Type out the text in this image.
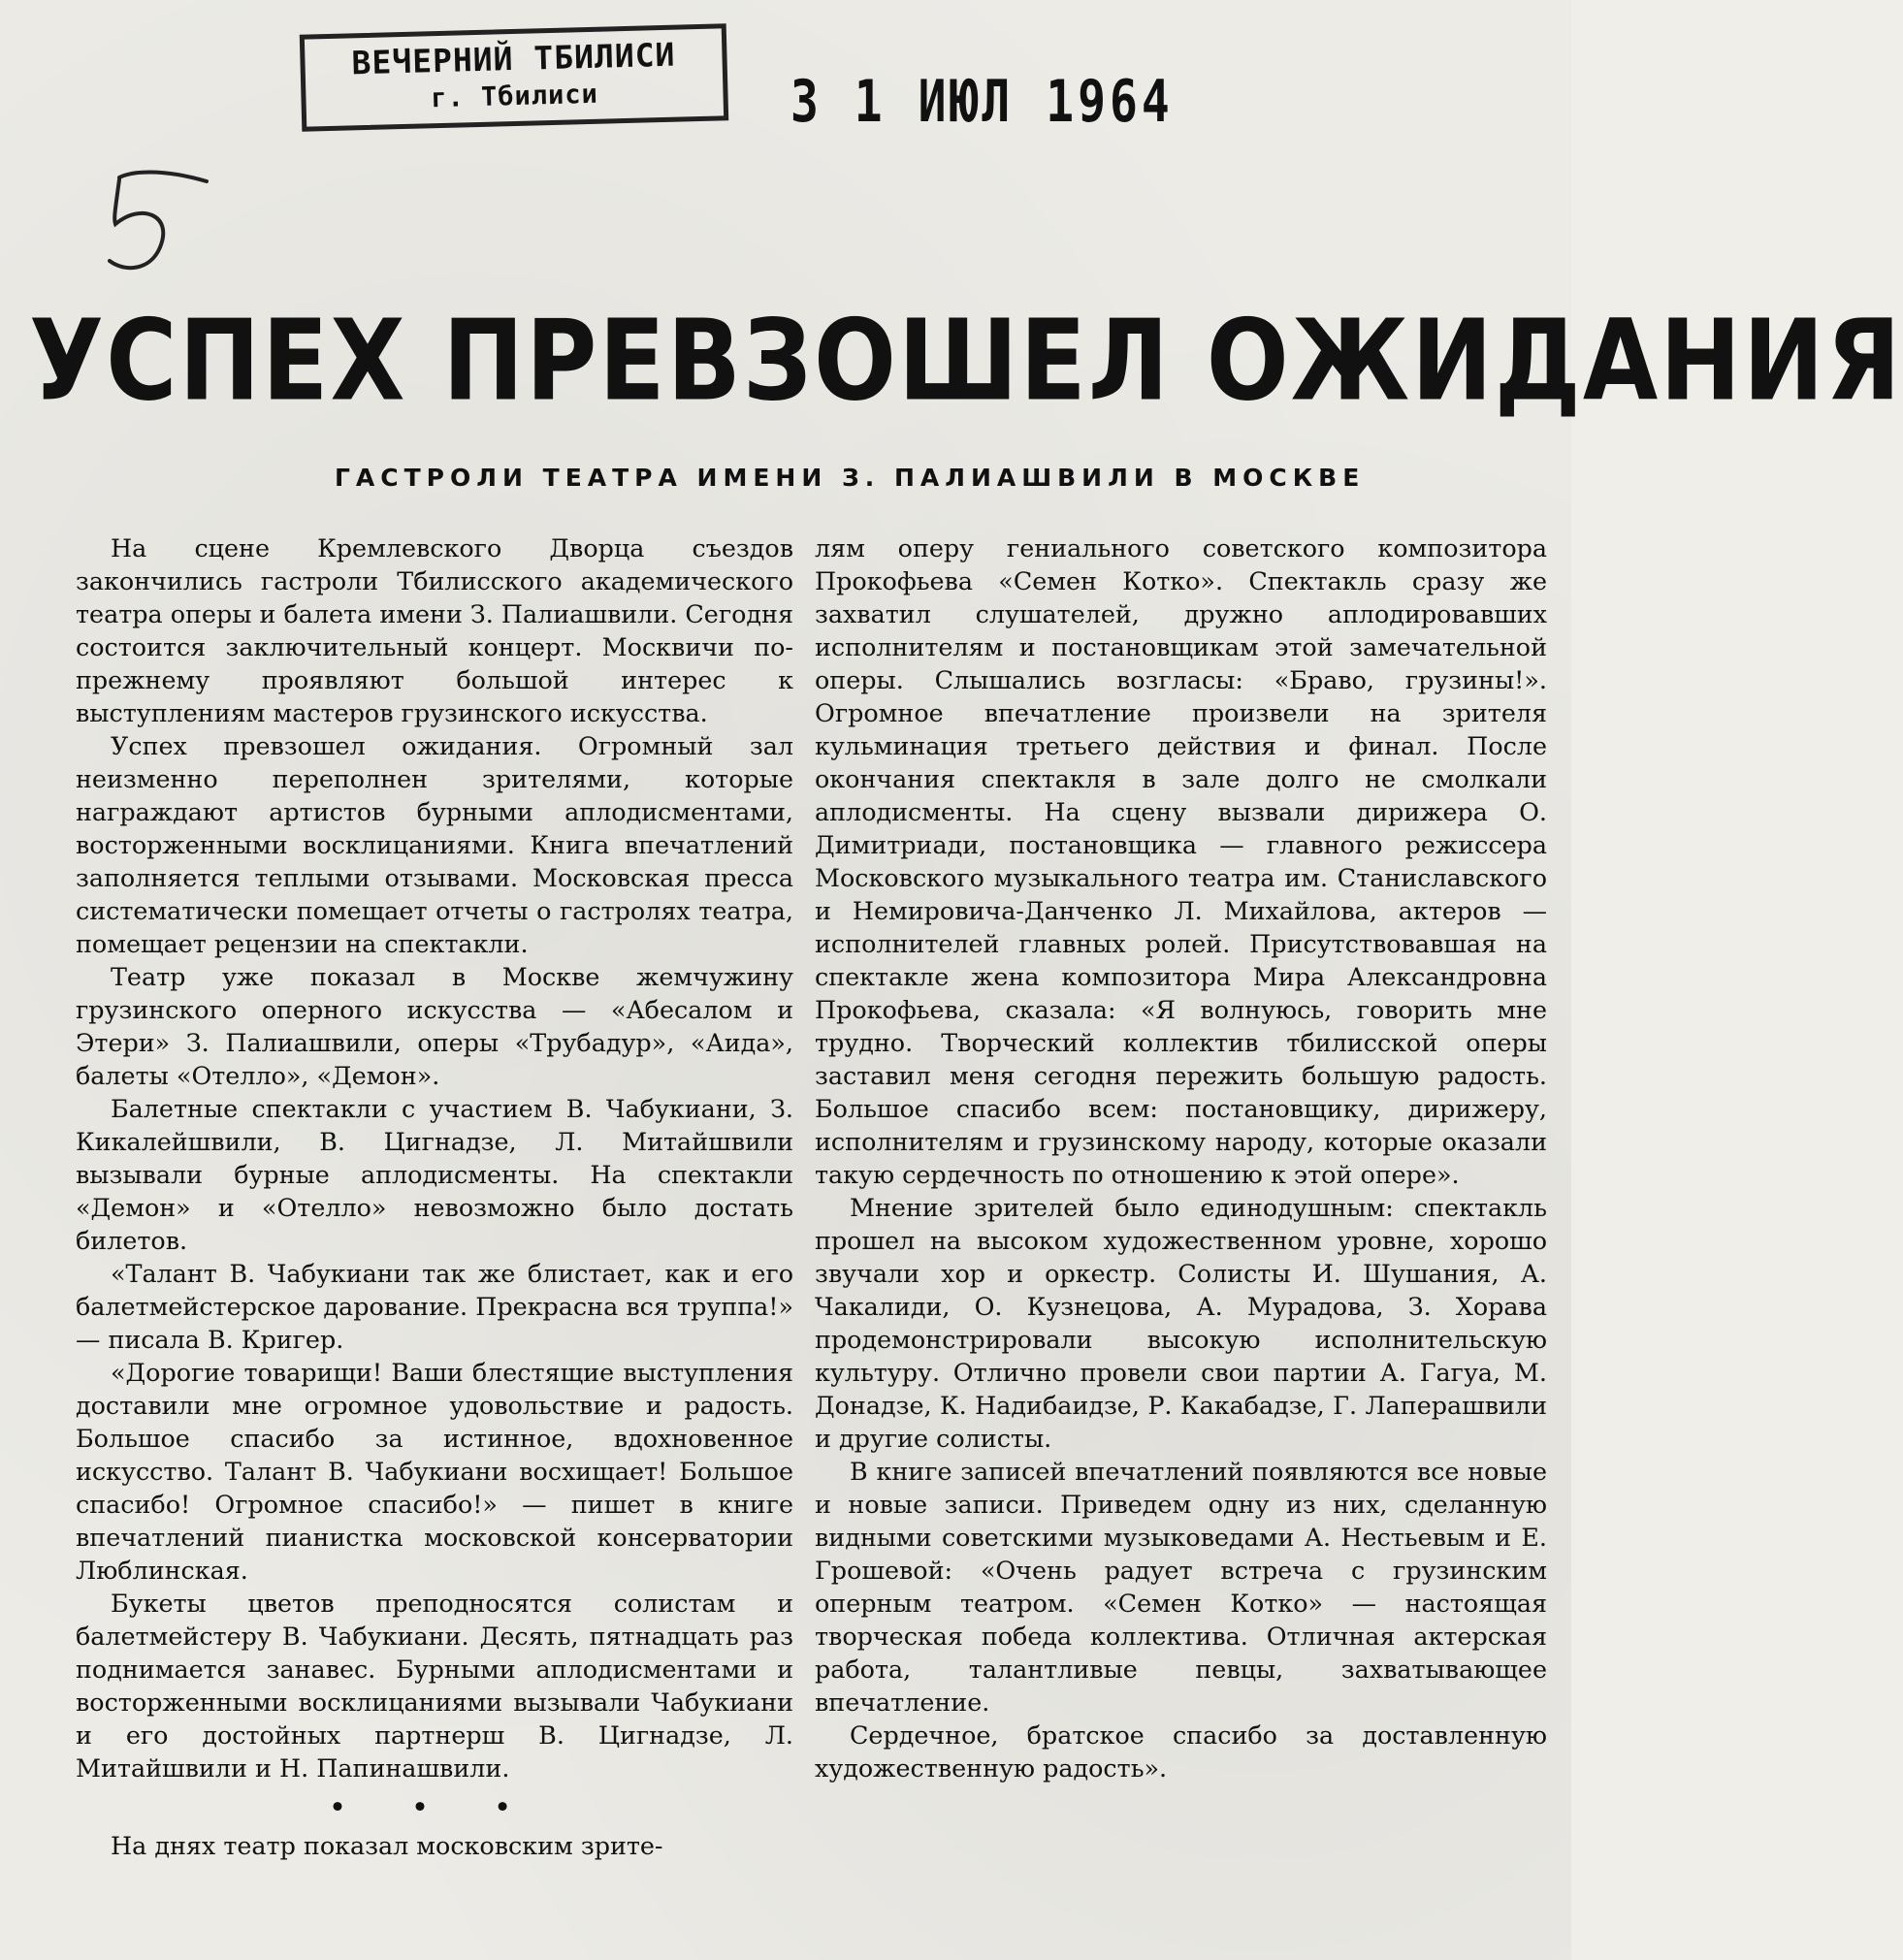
ВЕЧЕРНИЙ ТБИЛИСИ
г. Тбилиси	3 1 ИЮЛ 1964
УСПЕХ ПРЕВЗОШЕЛ ОЖИДАНИЯ
ГАСТРОЛИ ТЕАТРА ИМЕНИ З. ПАЛИАШВИЛИ В МОСКВЕ

На сцене Кремлевского Дворца съездов закончились гастроли Тбилисского академического театра оперы и балета имени З. Палиашвили. Сегодня состоится заключительный концерт. Москвичи по-прежнему проявляют большой интерес к выступлениям мастеров грузинского искусства.

Успех превзошел ожидания. Огромный зал неизменно переполнен зрителями, которые награждают артистов бурными аплодисментами, восторженными восклицаниями. Книга впечатлений заполняется теплыми отзывами. Московская пресса систематически помещает отчеты о гастролях театра, помещает рецензии на спектакли.

Театр уже показал в Москве жемчужину грузинского оперного искусства — «Абесалом и Этери» З. Палиашвили, оперы «Трубадур», «Аида», балеты «Отелло», «Демон».

Балетные спектакли с участием В. Чабукиани, З. Кикалейшвили, В. Цигнадзе, Л. Митайшвили вызывали бурные аплодисменты. На спектакли «Демон» и «Отелло» невозможно было достать билетов.

«Талант В. Чабукиани так же блистает, как и его балетмейстерское дарование. Прекрасна вся труппа!» — писала В. Кригер.

«Дорогие товарищи! Ваши блестящие выступления доставили мне огромное удовольствие и радость. Большое спасибо за истинное, вдохновенное искусство. Талант В. Чабукиани восхищает! Большое спасибо! Огромное спасибо!» — пишет в книге впечатлений пианистка московской консерватории Люблинская.

Букеты цветов преподносятся солистам и балетмейстеру В. Чабукиани. Десять, пятнадцать раз поднимается занавес. Бурными аплодисментами и восторженными восклицаниями вызывали Чабукиани и его достойных партнерш В. Цигнадзе, Л. Митайшвили и Н. Папинашвили.

• • •

На днях театр показал московским зрите-

лям оперу гениального советского композитора Прокофьева «Семен Котко». Спектакль сразу же захватил слушателей, дружно аплодировавших исполнителям и постановщикам этой замечательной оперы. Слышались возгласы: «Браво, грузины!». Огромное впечатление произвели на зрителя кульминация третьего действия и финал. После окончания спектакля в зале долго не смолкали аплодисменты. На сцену вызвали дирижера О. Димитриади, постановщика — главного режиссера Московского музыкального театра им. Станиславского и Немировича-Данченко Л. Михайлова, актеров — исполнителей главных ролей. Присутствовавшая на спектакле жена композитора Мира Александровна Прокофьева, сказала: «Я волнуюсь, говорить мне трудно. Творческий коллектив тбилисской оперы заставил меня сегодня пережить большую радость. Большое спасибо всем: постановщику, дирижеру, исполнителям и грузинскому народу, которые оказали такую сердечность по отношению к этой опере».

Мнение зрителей было единодушным: спектакль прошел на высоком художественном уровне, хорошо звучали хор и оркестр. Солисты И. Шушания, А. Чакалиди, О. Кузнецова, А. Мурадова, З. Хорава продемонстрировали высокую исполнительскую культуру. Отлично провели свои партии А. Гагуа, М. Донадзе, К. Надибаидзе, Р. Какабадзе, Г. Лаперашвили и другие солисты.

В книге записей впечатлений появляются все новые и новые записи. Приведем одну из них, сделанную видными советскими музыковедами А. Нестьевым и Е. Грошевой: «Очень радует встреча с грузинским оперным театром. «Семен Котко» — настоящая творческая победа коллектива. Отличная актерская работа, талантливые певцы, захватывающее впечатление.

Сердечное, братское спасибо за доставленную художественную радость».
